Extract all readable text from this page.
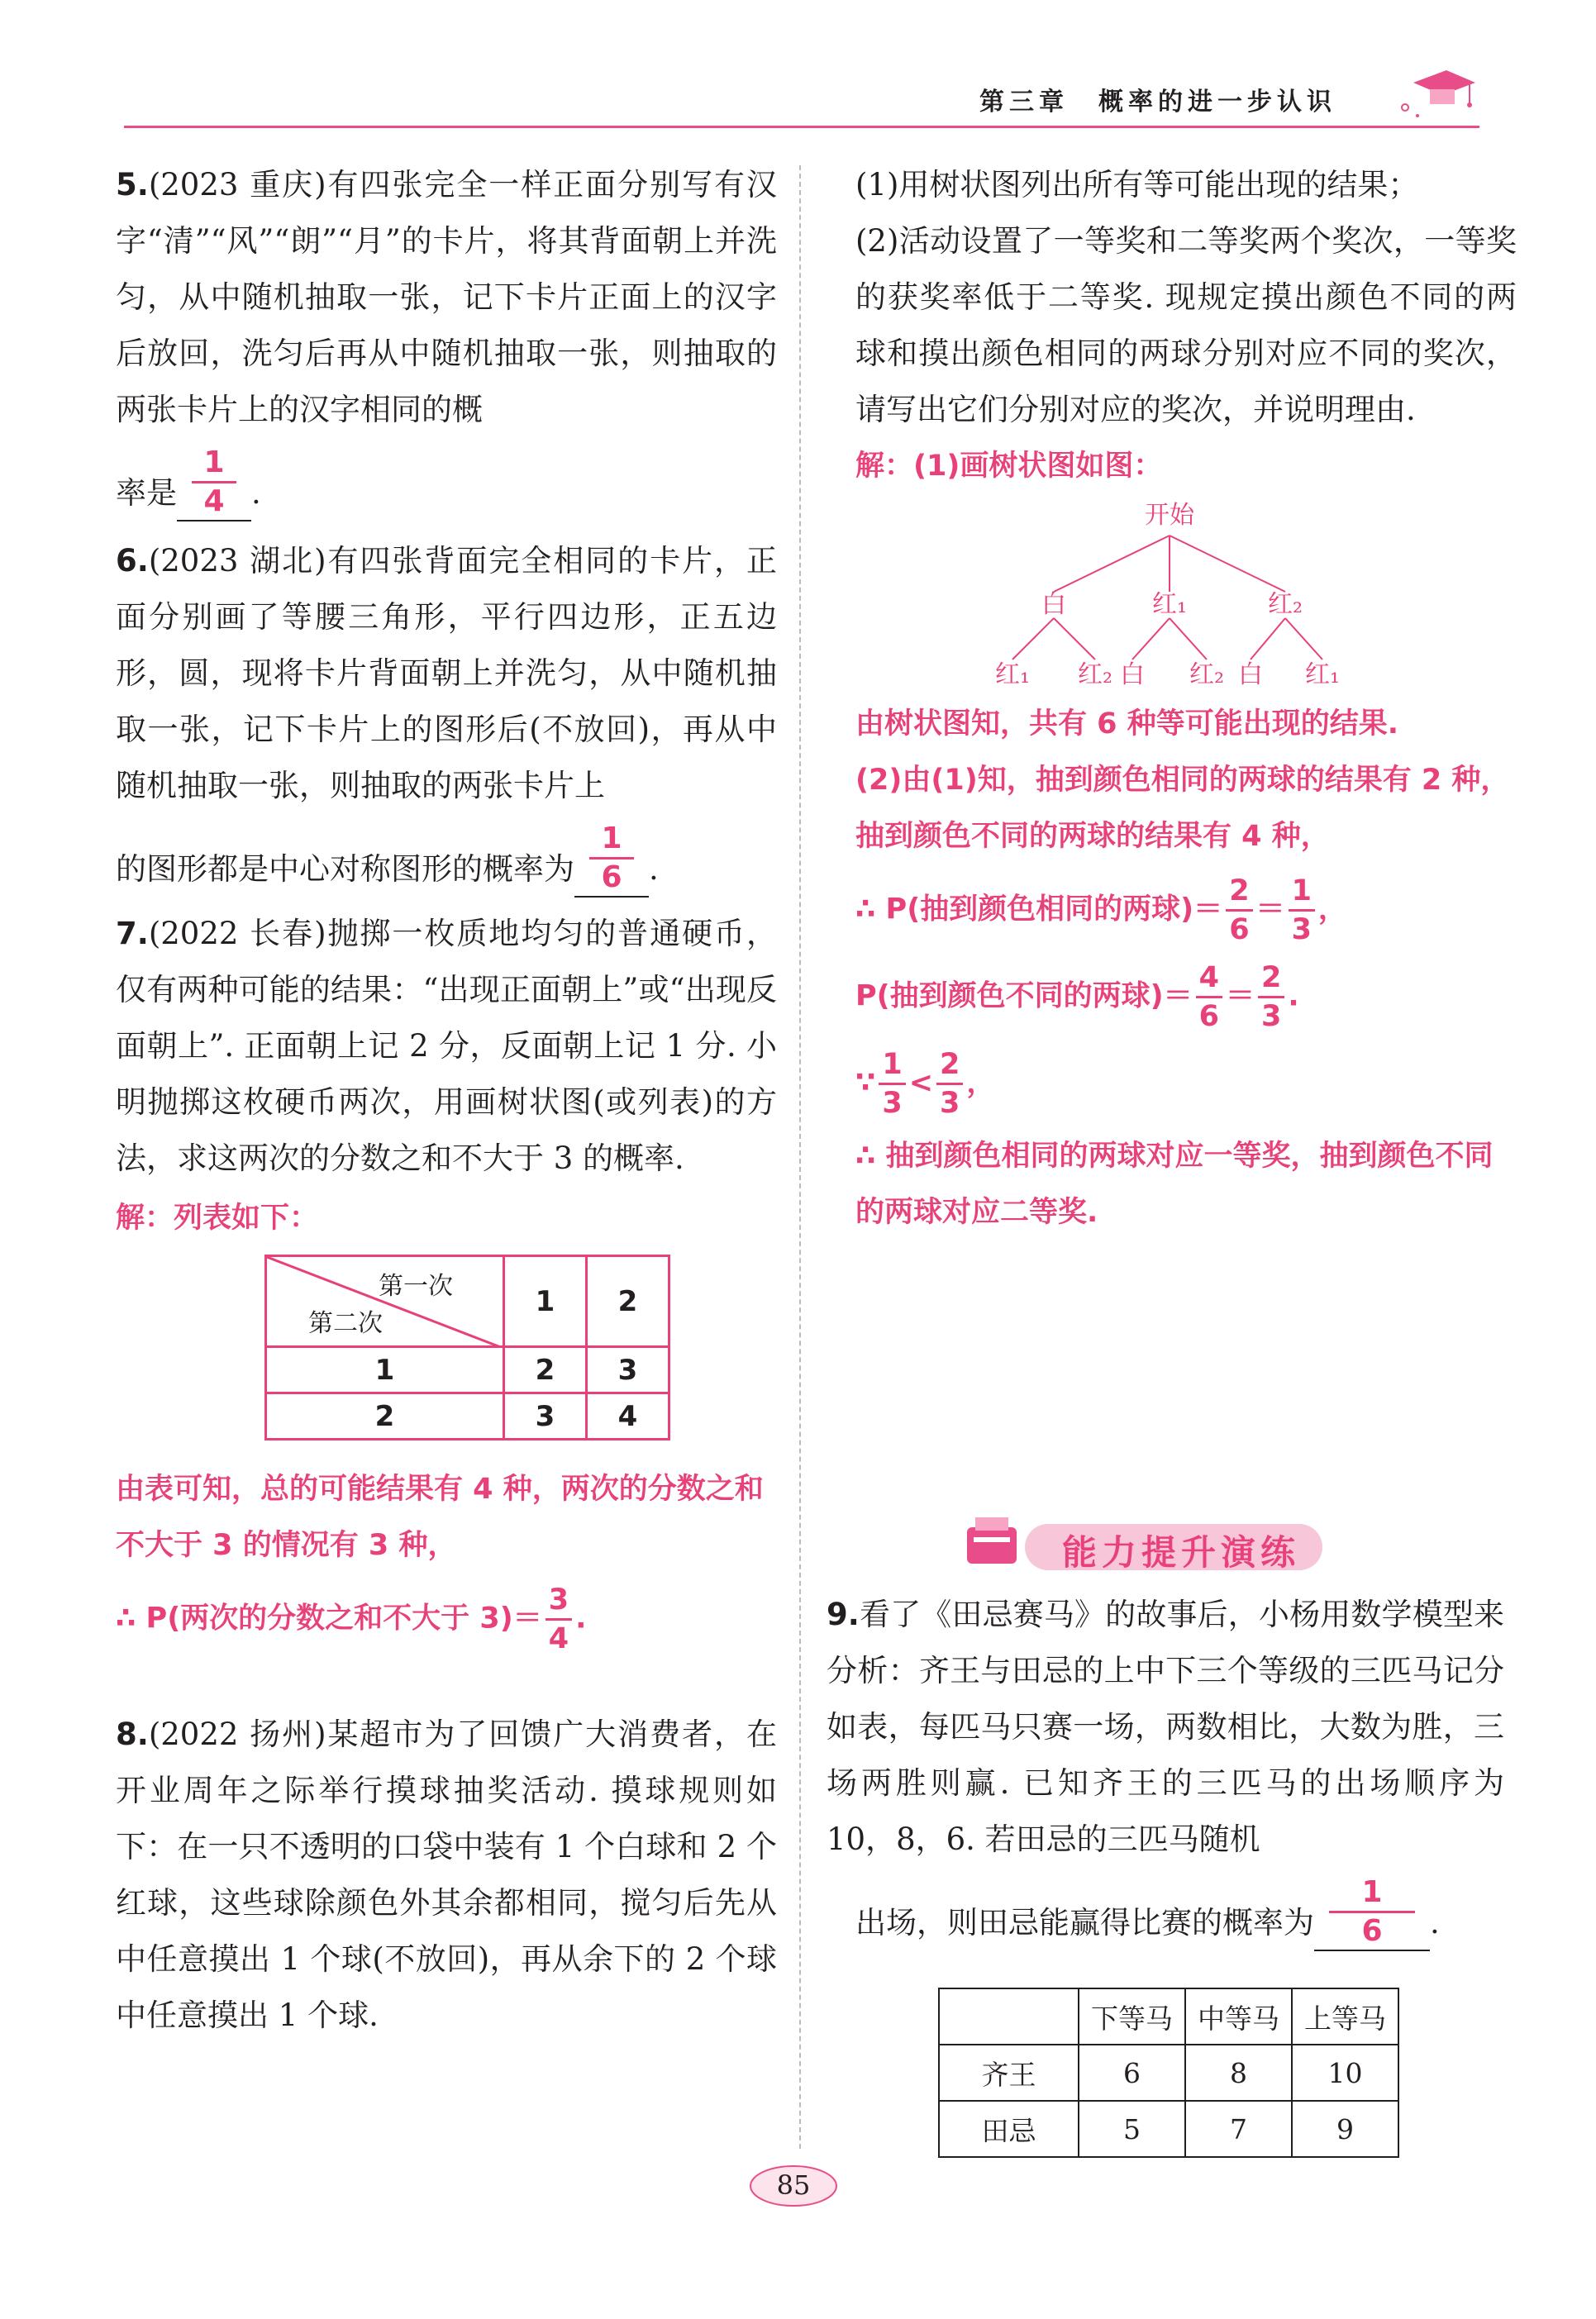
第三章　概率的进一步认识

5.(2023 重庆)有四张完全一样正面分别写有汉字“清”“风”“朗”“月”的卡片，将其背面朝上并洗匀，从中随机抽取一张，记下卡片正面上的汉字后放回，洗匀后再从中随机抽取一张，则抽取的两张卡片上的汉字相同的概

率是 $\frac{1}{4}$ .

6.(2023 湖北)有四张背面完全相同的卡片，正面分别画了等腰三角形，平行四边形，正五边形，圆，现将卡片背面朝上并洗匀，从中随机抽取一张，记下卡片上的图形后(不放回)，再从中随机抽取一张，则抽取的两张卡片上

的图形都是中心对称图形的概率为 $\frac{1}{6}$ .

7.(2022 长春)抛掷一枚质地均匀的普通硬币，仅有两种可能的结果：“出现正面朝上”或“出现反面朝上”. 正面朝上记 2 分，反面朝上记 1 分. 小明抛掷这枚硬币两次，用画树状图(或列表)的方法，求这两次的分数之和不大于 3 的概率.

解：列表如下：
第一次
第二次	1	2
1	2	3
2	3	4
由表可知，总的可能结果有 4 种，两次的分数之和不大于 3 的情况有 3 种，
∴ P(两次的分数之和不大于 $3)= \frac{3}{4}$ .

8.(2022 扬州)某超市为了回馈广大消费者，在开业周年之际举行摸球抽奖活动. 摸球规则如下：在一只不透明的口袋中装有 1 个白球和 2 个红球，这些球除颜色外其余都相同，搅匀后先从中任意摸出 1 个球(不放回)，再从余下的 2 个球中任意摸出 1 个球.

(1)用树状图列出所有等可能出现的结果；

(2)活动设置了一等奖和二等奖两个奖次，一等奖的获奖率低于二等奖. 现规定摸出颜色不同的两球和摸出颜色相同的两球分别对应不同的奖次，请写出它们分别对应的奖次，并说明理由.

解：(1)画树状图如图：
开始
白	红₁	红₂
红₁ 红₂ 白 红₂ 白 红₁
由树状图知，共有 6 种等可能出现的结果.
(2)由(1)知，抽到颜色相同的两球的结果有 2 种，抽到颜色不同的两球的结果有 4 种，
∴ P(抽到颜色相同的两球)＝ $\frac{2}{6} = \frac{1}{3}$ ，
P(抽到颜色不同的两球)＝ $\frac{4}{6} = \frac{2}{3}$ .
∵ $\frac{1}{3} < \frac{2}{3}$ ，
∴ 抽到颜色相同的两球对应一等奖，抽到颜色不同的两球对应二等奖.
能力提升演练

9.看了《田忌赛马》的故事后，小杨用数学模型来分析：齐王与田忌的上中下三个等级的三匹马记分如表，每匹马只赛一场，两数相比，大数为胜，三场两胜则赢. 已知齐王的三匹马的出场顺序为 10，8，6. 若田忌的三匹马随机

出场，则田忌能赢得比赛的概率为 $\frac{1}{6}$ .

	下等马	中等马	上等马
齐王	6	8	10
田忌	5	7	9
85
